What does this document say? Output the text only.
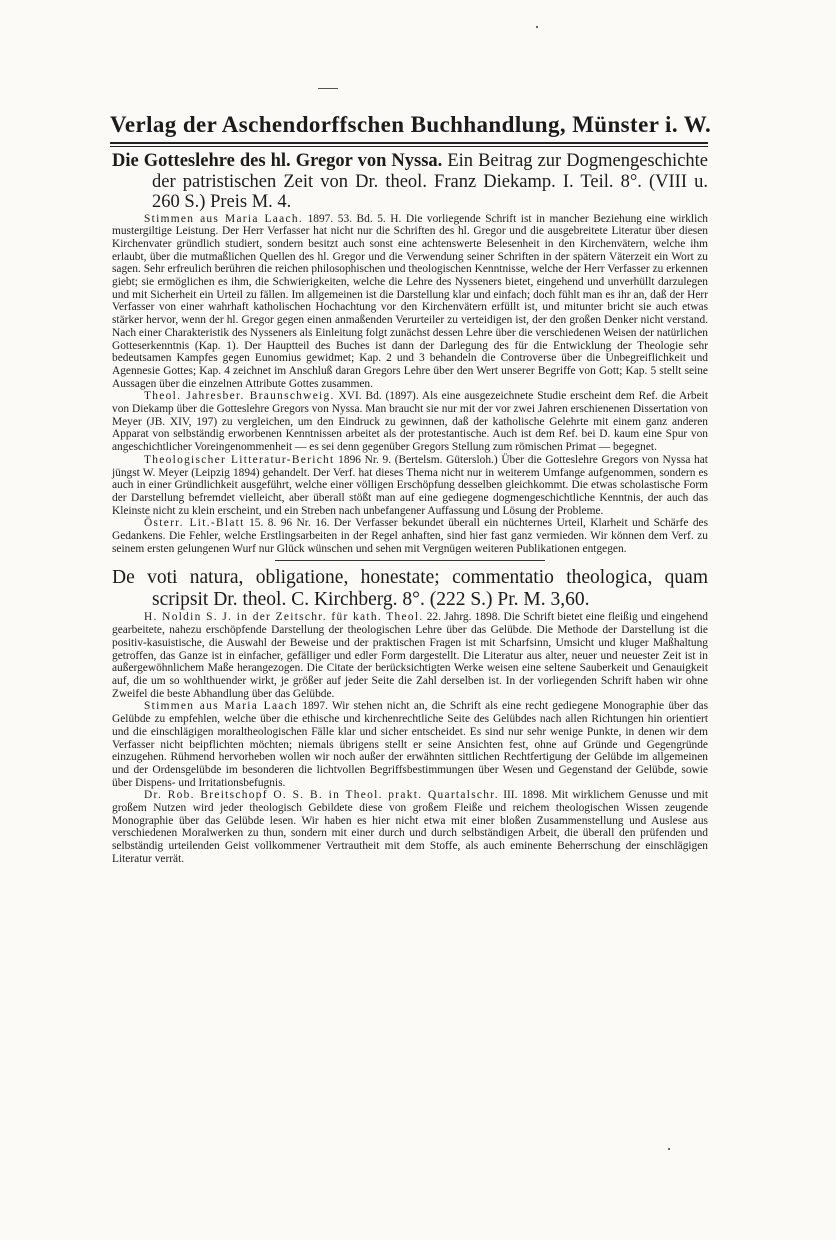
Verlag der Aschendorffschen Buchhandlung, Münster i. W.

Die Gotteslehre des hl. Gregor von Nyssa. Ein Beitrag zur Dogmengeschichte der patristischen Zeit von Dr. theol. Franz Diekamp. I. Teil. 8°. (VIII u. 260 S.) Preis M. 4.

Stimmen aus Maria Laach. 1897. 53. Bd. 5. H. Die vorliegende Schrift ist in mancher Beziehung eine wirklich mustergiltige Leistung. Der Herr Verfasser hat nicht nur die Schriften des hl. Gregor und die ausgebreitete Literatur über diesen Kirchenvater gründlich studiert, sondern besitzt auch sonst eine achtenswerte Belesenheit in den Kirchenvätern, welche ihm erlaubt, über die mutmaßlichen Quellen des hl. Gregor und die Verwendung seiner Schriften in der spätern Väterzeit ein Wort zu sagen. Sehr erfreulich berühren die reichen philosophischen und theologischen Kenntnisse, welche der Herr Verfasser zu erkennen giebt; sie ermöglichen es ihm, die Schwierigkeiten, welche die Lehre des Nysseners bietet, eingehend und unverhüllt darzulegen und mit Sicherheit ein Urteil zu fällen. Im allgemeinen ist die Darstellung klar und einfach; doch fühlt man es ihr an, daß der Herr Verfasser von einer wahrhaft katholischen Hochachtung vor den Kirchenvätern erfüllt ist, und mitunter bricht sie auch etwas stärker hervor, wenn der hl. Gregor gegen einen anmaßenden Verurteiler zu verteidigen ist, der den großen Denker nicht verstand. Nach einer Charakteristik des Nysseners als Einleitung folgt zunächst dessen Lehre über die verschiedenen Weisen der natürlichen Gotteserkenntnis (Kap. 1). Der Hauptteil des Buches ist dann der Darlegung des für die Entwicklung der Theologie sehr bedeutsamen Kampfes gegen Eunomius gewidmet; Kap. 2 und 3 behandeln die Controverse über die Unbegreiflichkeit und Agennesie Gottes; Kap. 4 zeichnet im Anschluß daran Gregors Lehre über den Wert unserer Begriffe von Gott; Kap. 5 stellt seine Aussagen über die einzelnen Attribute Gottes zusammen.

Theol. Jahresber. Braunschweig. XVI. Bd. (1897). Als eine ausgezeichnete Studie erscheint dem Ref. die Arbeit von Diekamp über die Gotteslehre Gregors von Nyssa. Man braucht sie nur mit der vor zwei Jahren erschienenen Dissertation von Meyer (JB. XIV, 197) zu vergleichen, um den Eindruck zu gewinnen, daß der katholische Gelehrte mit einem ganz anderen Apparat von selbständig erworbenen Kenntnissen arbeitet als der protestantische. Auch ist dem Ref. bei D. kaum eine Spur von angeschichtlicher Voreingenommenheit — es sei denn gegenüber Gregors Stellung zum römischen Primat — begegnet.

Theologischer Litteratur-Bericht 1896 Nr. 9. (Bertelsm. Gütersloh.) Über die Gotteslehre Gregors von Nyssa hat jüngst W. Meyer (Leipzig 1894) gehandelt. Der Verf. hat dieses Thema nicht nur in weiterem Umfange aufgenommen, sondern es auch in einer Gründlichkeit ausgeführt, welche einer völligen Erschöpfung desselben gleichkommt. Die etwas scholastische Form der Darstellung befremdet vielleicht, aber überall stößt man auf eine gediegene dogmengeschichtliche Kenntnis, der auch das Kleinste nicht zu klein erscheint, und ein Streben nach unbefangener Auffassung und Lösung der Probleme.

Österr. Lit.-Blatt 15. 8. 96 Nr. 16. Der Verfasser bekundet überall ein nüchternes Urteil, Klarheit und Schärfe des Gedankens. Die Fehler, welche Erstlingsarbeiten in der Regel anhaften, sind hier fast ganz vermieden. Wir können dem Verf. zu seinem ersten gelungenen Wurf nur Glück wünschen und sehen mit Vergnügen weiteren Publikationen entgegen.

De voti natura, obligatione, honestate; commentatio theologica, quam scripsit Dr. theol. C. Kirchberg. 8°. (222 S.) Pr. M. 3,60.

H. Noldin S. J. in der Zeitschr. für kath. Theol. 22. Jahrg. 1898. Die Schrift bietet eine fleißig und eingehend gearbeitete, nahezu erschöpfende Darstellung der theologischen Lehre über das Gelübde. Die Methode der Darstellung ist die positiv-kasuistische, die Auswahl der Beweise und der praktischen Fragen ist mit Scharfsinn, Umsicht und kluger Maßhaltung getroffen, das Ganze ist in einfacher, gefälliger und edler Form dargestellt. Die Literatur aus alter, neuer und neuester Zeit ist in außergewöhnlichem Maße herangezogen. Die Citate der berücksichtigten Werke weisen eine seltene Sauberkeit und Genauigkeit auf, die um so wohlthuender wirkt, je größer auf jeder Seite die Zahl derselben ist. In der vorliegenden Schrift haben wir ohne Zweifel die beste Abhandlung über das Gelübde.

Stimmen aus Maria Laach 1897. Wir stehen nicht an, die Schrift als eine recht gediegene Monographie über das Gelübde zu empfehlen, welche über die ethische und kirchenrechtliche Seite des Gelübdes nach allen Richtungen hin orientiert und die einschlägigen moraltheologischen Fälle klar und sicher entscheidet. Es sind nur sehr wenige Punkte, in denen wir dem Verfasser nicht beipflichten möchten; niemals übrigens stellt er seine Ansichten fest, ohne auf Gründe und Gegengründe einzugehen. Rühmend hervorheben wollen wir noch außer der erwähnten sittlichen Rechtfertigung der Gelübde im allgemeinen und der Ordensgelübde im besonderen die lichtvollen Begriffsbestimmungen über Wesen und Gegenstand der Gelübde, sowie über Dispens- und Irritationsbefugnis.

Dr. Rob. Breitschopf O. S. B. in Theol. prakt. Quartalschr. III. 1898. Mit wirklichem Genusse und mit großem Nutzen wird jeder theologisch Gebildete diese von großem Fleiße und reichem theologischen Wissen zeugende Monographie über das Gelübde lesen. Wir haben es hier nicht etwa mit einer bloßen Zusammenstellung und Auslese aus verschiedenen Moralwerken zu thun, sondern mit einer durch und durch selbständigen Arbeit, die überall den prüfenden und selbständig urteilenden Geist vollkommener Vertrautheit mit dem Stoffe, als auch eminente Beherrschung der einschlägigen Literatur verrät.
